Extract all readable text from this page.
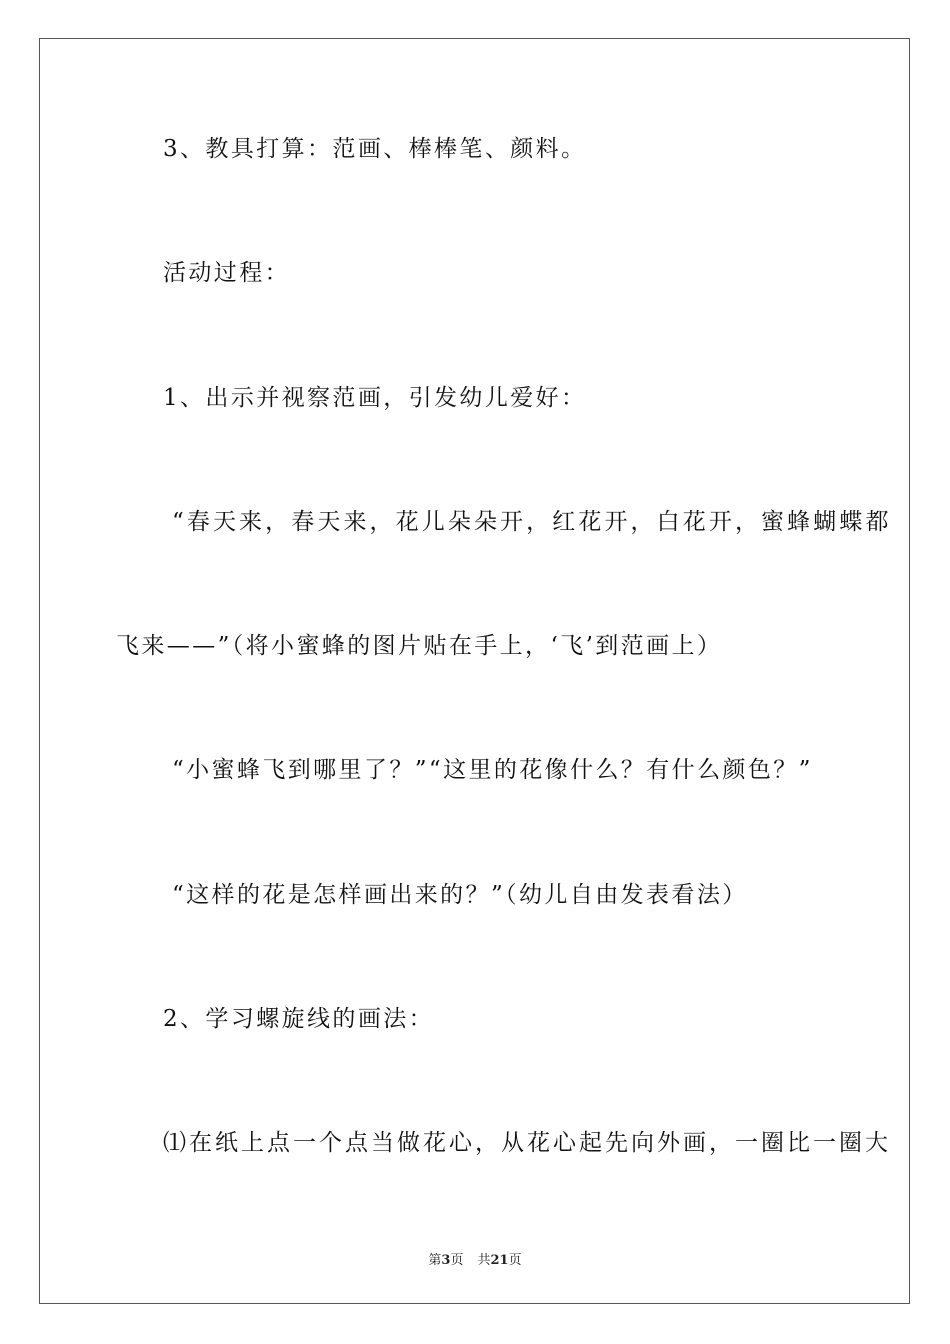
3、教具打算：范画、棒棒笔、颜料。
活动过程：
1、出示并视察范画，引发幼儿爱好：
“春天来，春天来，花儿朵朵开，红花开，白花开，蜜蜂蝴蝶都
飞来——”（将小蜜蜂的图片贴在手上，‘飞’到范画上）
“小蜜蜂飞到哪里了？”“这里的花像什么？有什么颜色？”
“这样的花是怎样画出来的？”（幼儿自由发表看法）
2、学习螺旋线的画法：
⑴在纸上点一个点当做花心，从花心起先向外画，一圈比一圈大
第3页 共21页
